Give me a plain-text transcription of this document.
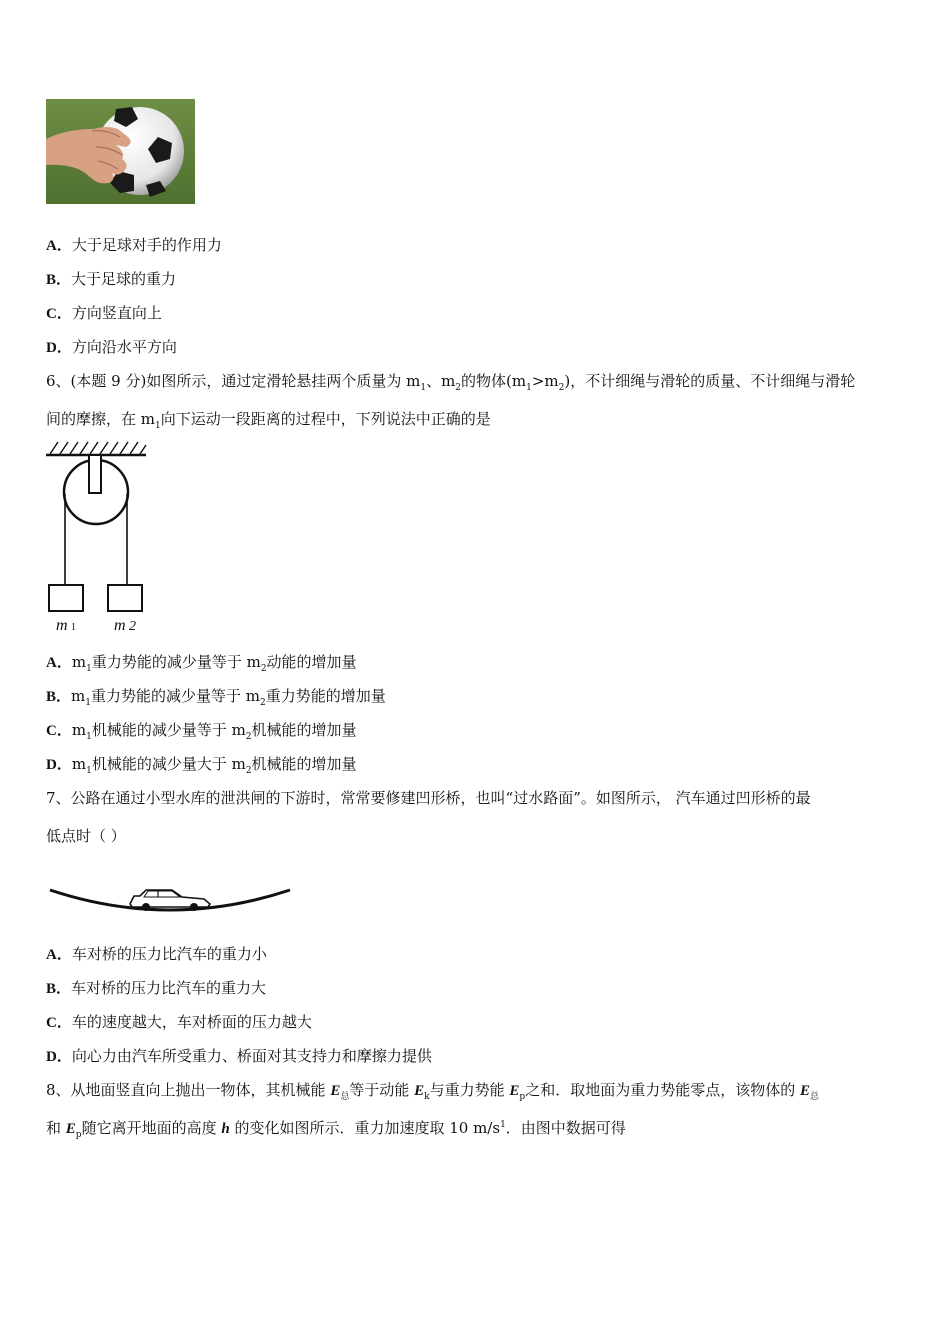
A．大于足球对手的作用力
B．大于足球的重力
C．方向竖直向上
D．方向沿水平方向
6、(本题 9 分)如图所示，通过定滑轮悬挂两个质量为 $m_1$、$m_2$的物体$(m_1>m_2)$，不计细绳与滑轮的质量、不计细绳与滑轮
间的摩擦，在 $m_1$向下运动一段距离的过程中，下列说法中正确的是
m 1 m 2
A．$m_1$重力势能的减少量等于 $m_2$动能的增加量
B．$m_1$重力势能的减少量等于 $m_2$重力势能的增加量
C．$m_1$机械能的减少量等于 $m_2$机械能的增加量
D．$m_1$机械能的减少量大于 $m_2$机械能的增加量
7、公路在通过小型水库的泄洪闸的下游时，常常要修建凹形桥，也叫“过水路面”。如图所示， 汽车通过凹形桥的最
低点时（ ）
A．车对桥的压力比汽车的重力小
B．车对桥的压力比汽车的重力大
C．车的速度越大，车对桥面的压力越大
D．向心力由汽车所受重力、桥面对其支持力和摩擦力提供
8、从地面竖直向上抛出一物体，其机械能 $E_总$等于动能 $E_k$与重力势能 $E_p$之和．取地面为重力势能零点，该物体的 $E_总$
和 $E_p$随它离开地面的高度 h 的变化如图所示．重力加速度取 10 $m/s^1$．由图中数据可得
